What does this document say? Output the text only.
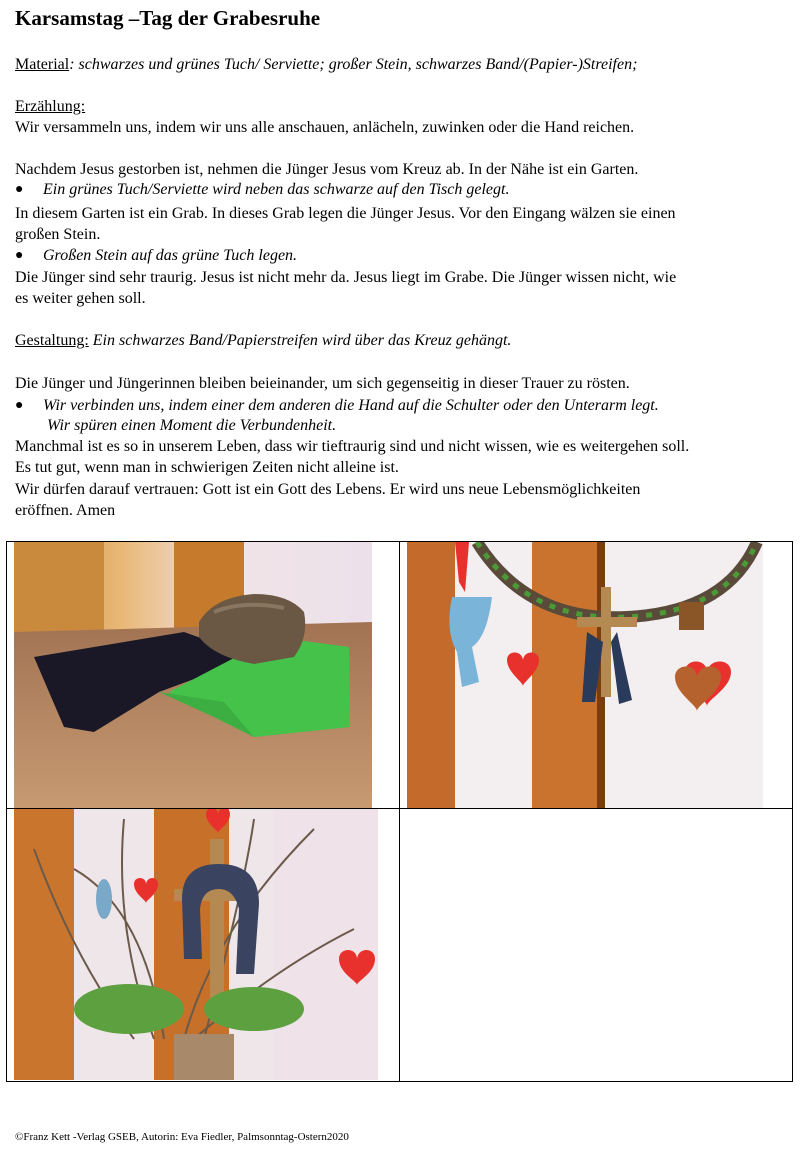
Karsamstag –Tag der Grabesruhe
Material: schwarzes und grünes Tuch/ Serviette; großer Stein, schwarzes Band/(Papier-)Streifen;
Erzählung:
Wir versammeln uns, indem wir uns alle anschauen, anlächeln, zuwinken oder die Hand reichen.
Nachdem Jesus gestorben ist, nehmen die Jünger Jesus vom Kreuz ab. In der Nähe ist ein Garten.
● Ein grünes Tuch/Serviette wird neben das schwarze auf den Tisch gelegt.
In diesem Garten ist ein Grab. In dieses Grab legen die Jünger Jesus. Vor den Eingang wälzen sie einen
großen Stein.
● Großen Stein auf das grüne Tuch legen.
Die Jünger sind sehr traurig. Jesus ist nicht mehr da. Jesus liegt im Grabe. Die Jünger wissen nicht, wie
es weiter gehen soll.
Gestaltung: Ein schwarzes Band/Papierstreifen wird über das Kreuz gehängt.
Die Jünger und Jüngerinnen bleiben beieinander, um sich gegenseitig in dieser Trauer zu rösten.
● Wir verbinden uns, indem einer dem anderen die Hand auf die Schulter oder den Unterarm legt.
Wir spüren einen Moment die Verbundenheit.
Manchmal ist es so in unserem Leben, dass wir tieftraurig sind und nicht wissen, wie es weitergehen soll.
Es tut gut, wenn man in schwierigen Zeiten nicht alleine ist.
Wir dürfen darauf vertrauen: Gott ist ein Gott des Lebens. Er wird uns neue Lebensmöglichkeiten
eröffnen. Amen

©Franz Kett -Verlag GSEB, Autorin: Eva Fiedler, Palmsonntag-Ostern2020
